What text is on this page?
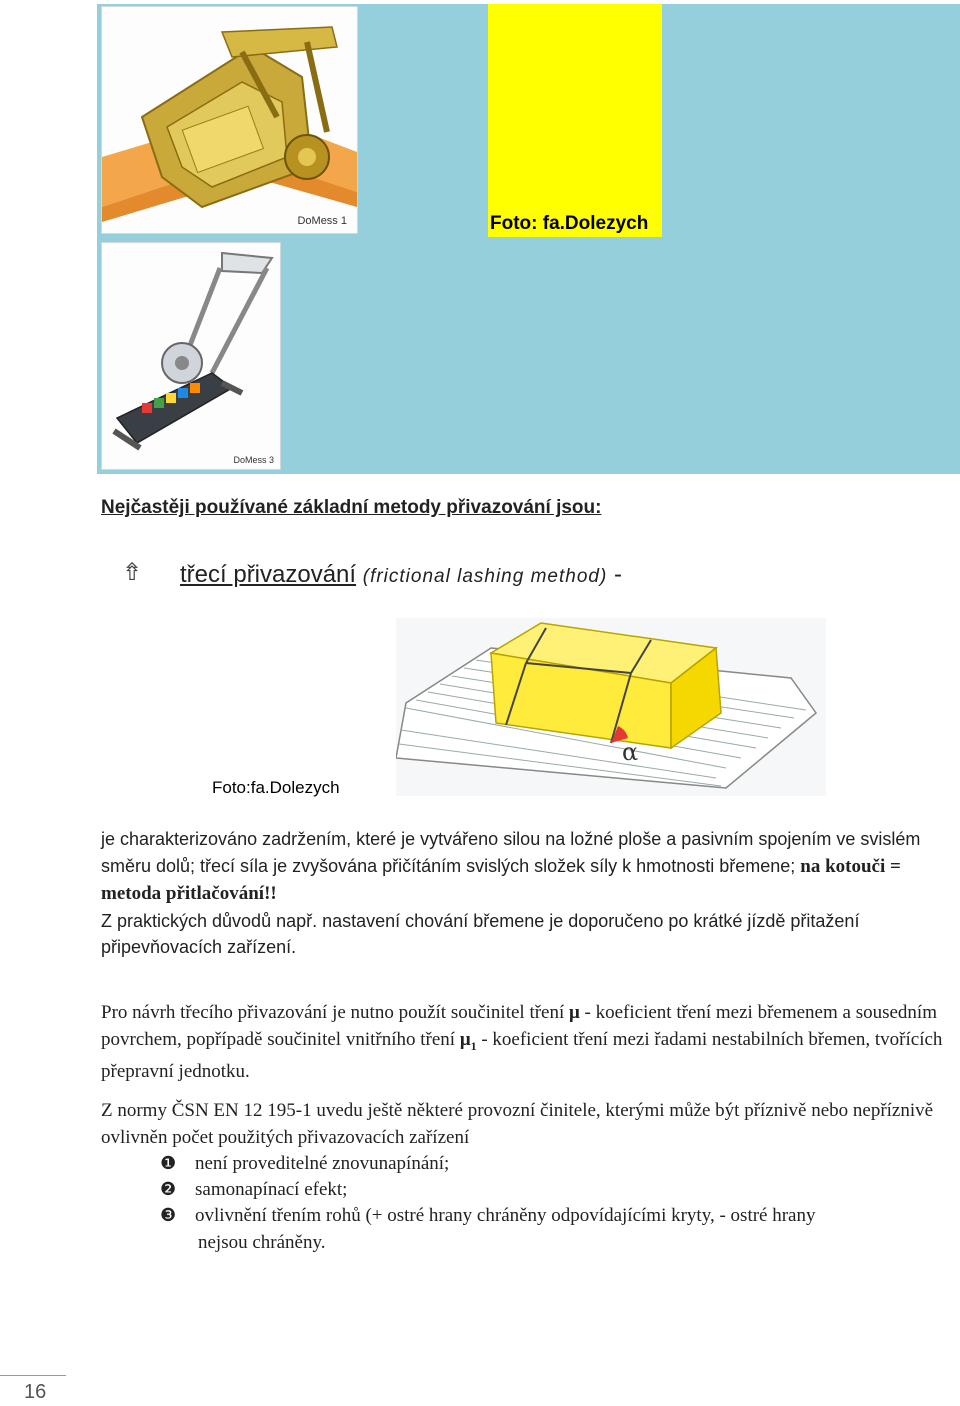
Foto: fa.Dolezych
DoMess 1
DoMess 3
Nejčastěji používané základní metody přivazování jsou:
⇮ třecí přivazování (frictional lashing method) -
α
Foto:fa.Dolezych
je charakterizováno zadržením, které je vytvářeno silou na ložné ploše a pasivním spojením ve svislém směru dolů; třecí síla je zvyšována přičítáním svislých složek síly k hmotnosti břemene; na kotouči = metoda přitlačování!!
Z praktických důvodů např. nastavení chování břemene je doporučeno po krátké jízdě přitažení připevňovacích zařízení.
Pro návrh třecího přivazování je nutno použít součinitel tření μ - koeficient tření mezi břemenem a sousedním povrchem, popřípadě součinitel vnitřního tření $\mu_1$ - koeficient tření mezi řadami nestabilních břemen, tvořících přepravní jednotku.
Z normy ČSN EN 12 195-1 uvedu ještě některé provozní činitele, kterými může být příznivě nebo nepříznivě ovlivněn počet použitých přivazovacích zařízení
❶ není proveditelné znovunapínání;
❷ samonapínací efekt;
❸ ovlivnění třením rohů (+ ostré hrany chráněny odpovídajícími kryty, - ostré hrany
nejsou chráněny.
16
